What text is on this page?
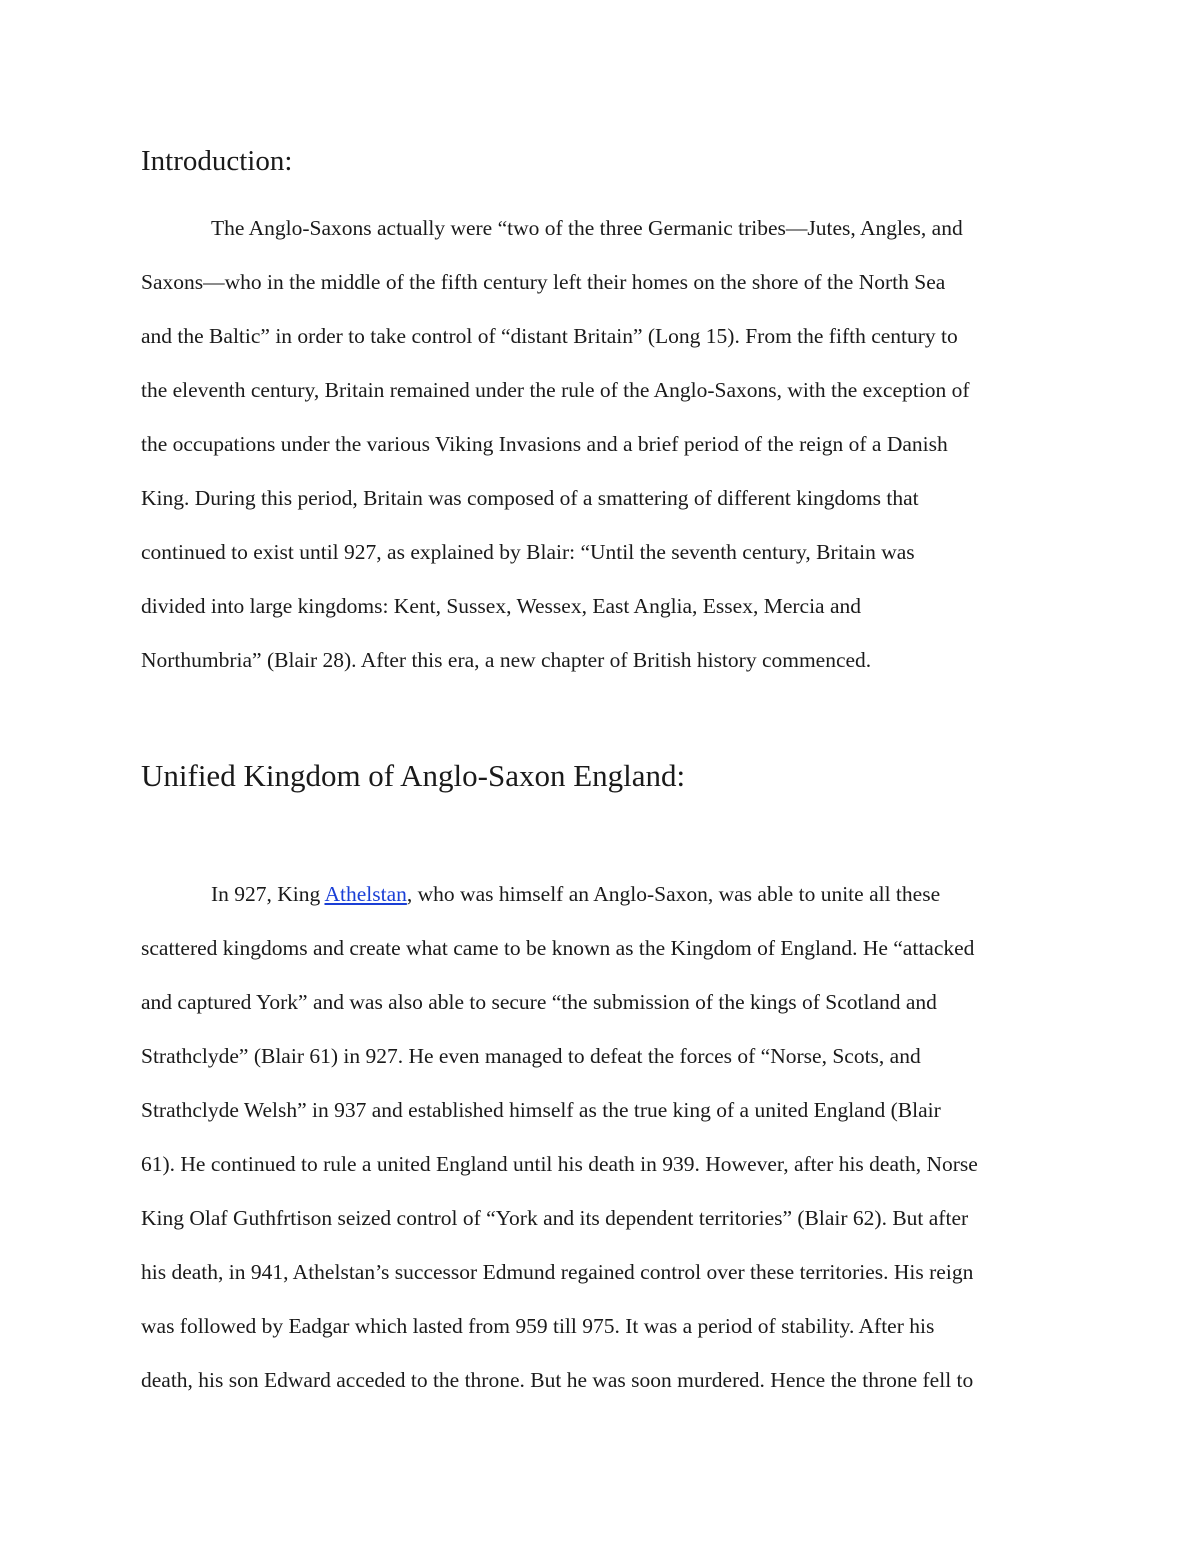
Introduction:
The Anglo-Saxons actually were “two of the three Germanic tribes—Jutes, Angles, and
Saxons—who in the middle of the fifth century left their homes on the shore of the North Sea
and the Baltic” in order to take control of “distant Britain” (Long 15). From the fifth century to
the eleventh century, Britain remained under the rule of the Anglo-Saxons, with the exception of
the occupations under the various Viking Invasions and a brief period of the reign of a Danish
King. During this period, Britain was composed of a smattering of different kingdoms that
continued to exist until 927, as explained by Blair: “Until the seventh century, Britain was
divided into large kingdoms: Kent, Sussex, Wessex, East Anglia, Essex, Mercia and
Northumbria” (Blair 28). After this era, a new chapter of British history commenced.
Unified Kingdom of Anglo-Saxon England:
In 927, King Athelstan, who was himself an Anglo-Saxon, was able to unite all these
scattered kingdoms and create what came to be known as the Kingdom of England. He “attacked
and captured York” and was also able to secure “the submission of the kings of Scotland and
Strathclyde” (Blair 61) in 927. He even managed to defeat the forces of “Norse, Scots, and
Strathclyde Welsh” in 937 and established himself as the true king of a united England (Blair
61). He continued to rule a united England until his death in 939. However, after his death, Norse
King Olaf Guthfrtison seized control of “York and its dependent territories” (Blair 62). But after
his death, in 941, Athelstan’s successor Edmund regained control over these territories. His reign
was followed by Eadgar which lasted from 959 till 975. It was a period of stability. After his
death, his son Edward acceded to the throne. But he was soon murdered. Hence the throne fell to
